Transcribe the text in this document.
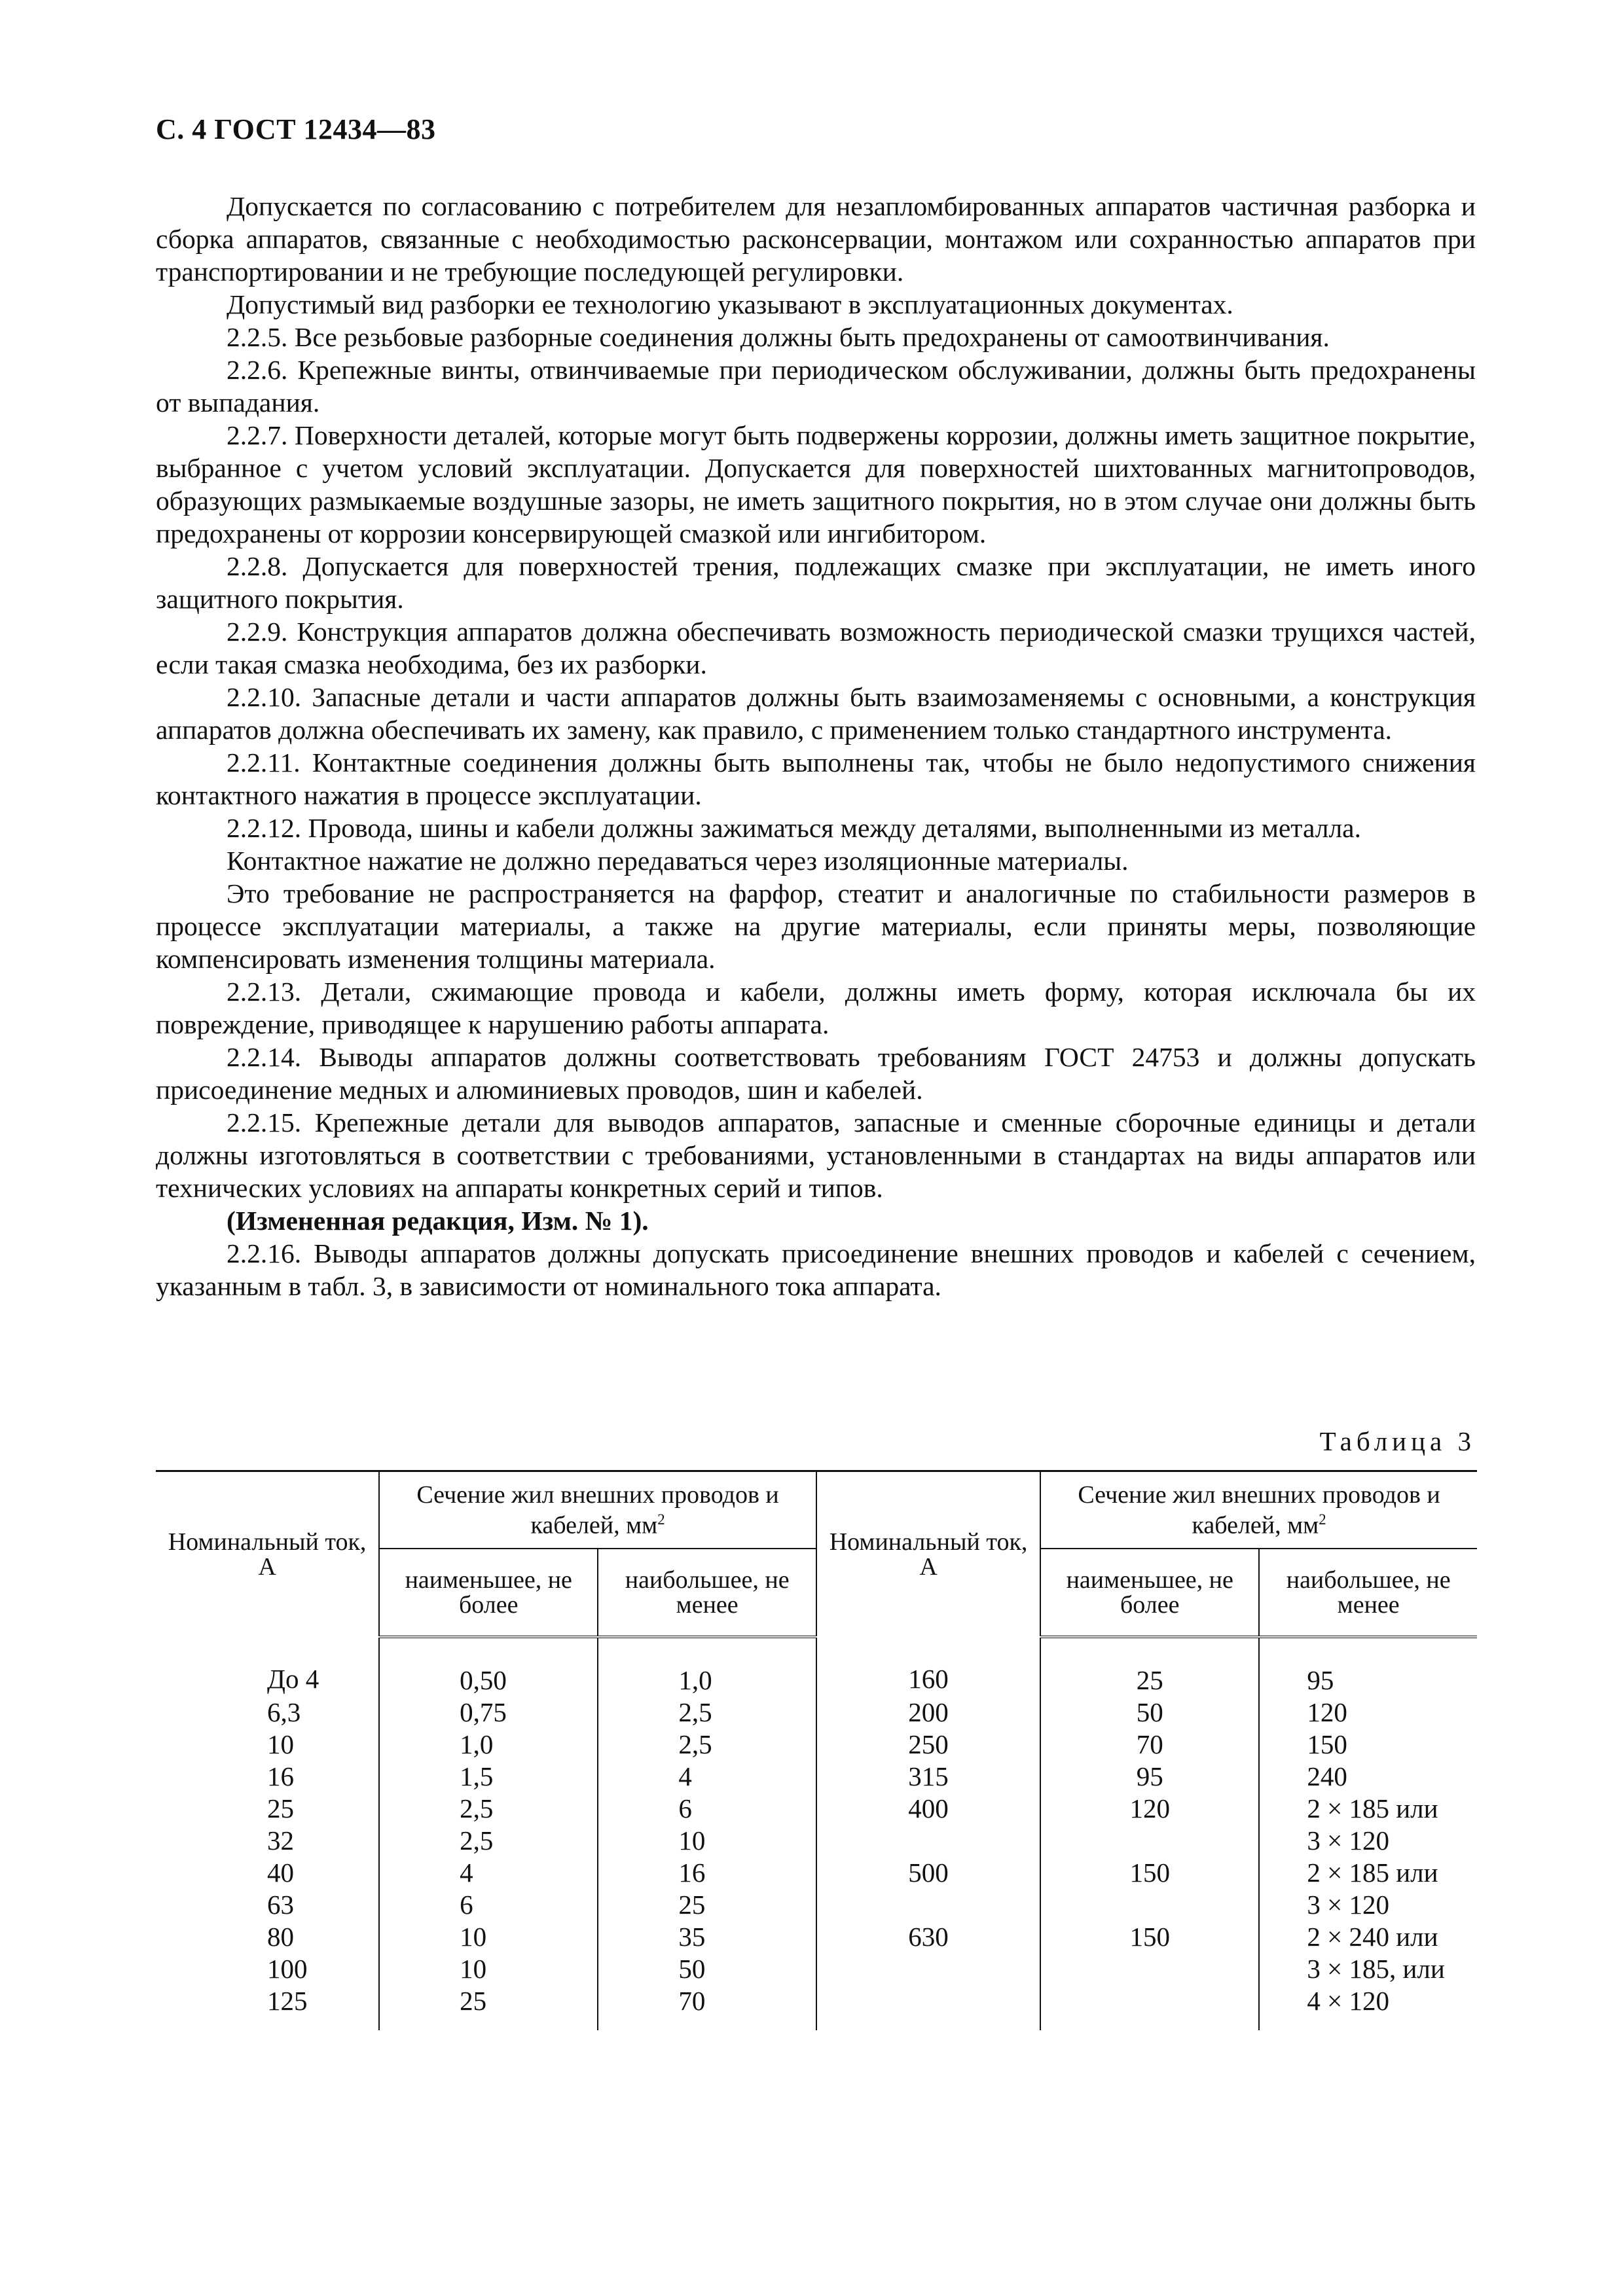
С. 4 ГОСТ 12434—83

Допускается по согласованию с потребителем для незапломбированных аппаратов частичная разборка и сборка аппаратов, связанные с необходимостью расконсервации, монтажом или сохранностью аппаратов при транспортировании и не требующие последующей регулировки.

Допустимый вид разборки ее технологию указывают в эксплуатационных документах.

2.2.5. Все резьбовые разборные соединения должны быть предохранены от самоотвинчивания.

2.2.6. Крепежные винты, отвинчиваемые при периодическом обслуживании, должны быть предохранены от выпадания.

2.2.7. Поверхности деталей, которые могут быть подвержены коррозии, должны иметь защитное покрытие, выбранное с учетом условий эксплуатации. Допускается для поверхностей шихтованных магнитопроводов, образующих размыкаемые воздушные зазоры, не иметь защитного покрытия, но в этом случае они должны быть предохранены от коррозии консервирующей смазкой или ингибитором.

2.2.8. Допускается для поверхностей трения, подлежащих смазке при эксплуатации, не иметь иного защитного покрытия.

2.2.9. Конструкция аппаратов должна обеспечивать возможность периодической смазки трущихся частей, если такая смазка необходима, без их разборки.

2.2.10. Запасные детали и части аппаратов должны быть взаимозаменяемы с основными, а конструкция аппаратов должна обеспечивать их замену, как правило, с применением только стандартного инструмента.

2.2.11. Контактные соединения должны быть выполнены так, чтобы не было недопустимого снижения контактного нажатия в процессе эксплуатации.

2.2.12. Провода, шины и кабели должны зажиматься между деталями, выполненными из металла.

Контактное нажатие не должно передаваться через изоляционные материалы.

Это требование не распространяется на фарфор, стеатит и аналогичные по стабильности размеров в процессе эксплуатации материалы, а также на другие материалы, если приняты меры, позволяющие компенсировать изменения толщины материала.

2.2.13. Детали, сжимающие провода и кабели, должны иметь форму, которая исключала бы их повреждение, приводящее к нарушению работы аппарата.

2.2.14. Выводы аппаратов должны соответствовать требованиям ГОСТ 24753 и должны допускать присоединение медных и алюминиевых проводов, шин и кабелей.

2.2.15. Крепежные детали для выводов аппаратов, запасные и сменные сборочные единицы и детали должны изготовляться в соответствии с требованиями, установленными в стандартах на виды аппаратов или технических условиях на аппараты конкретных серий и типов.

(Измененная редакция, Изм. № 1).

2.2.16. Выводы аппаратов должны допускать присоединение внешних проводов и кабелей с сечением, указанным в табл. 3, в зависимости от номинального тока аппарата.

Таблица 3
Номинальный ток, А	Сечение жил внешних проводов и кабелей, $мм^2$		Номинальный ток, А	Сечение жил внешних проводов и кабелей, $мм^2$
	наименьшее, не более	наибольшее, не менее		наименьшее, не более	наибольшее, не менее
До 4	0,50	1,0	160	25	95
6,3	0,75	2,5	200	50	120
10	1,0	2,5	250	70	150
16	1,5	4	315	95	240
25	2,5	6	400	120	2 × 185 или
32	2,5	10			3 × 120
40	4	16	500	150	2 × 185 или
63	6	25			3 × 120
80	10	35	630	150	2 × 240 или
100	10	50			3 × 185, или
125	25	70			4 × 120
